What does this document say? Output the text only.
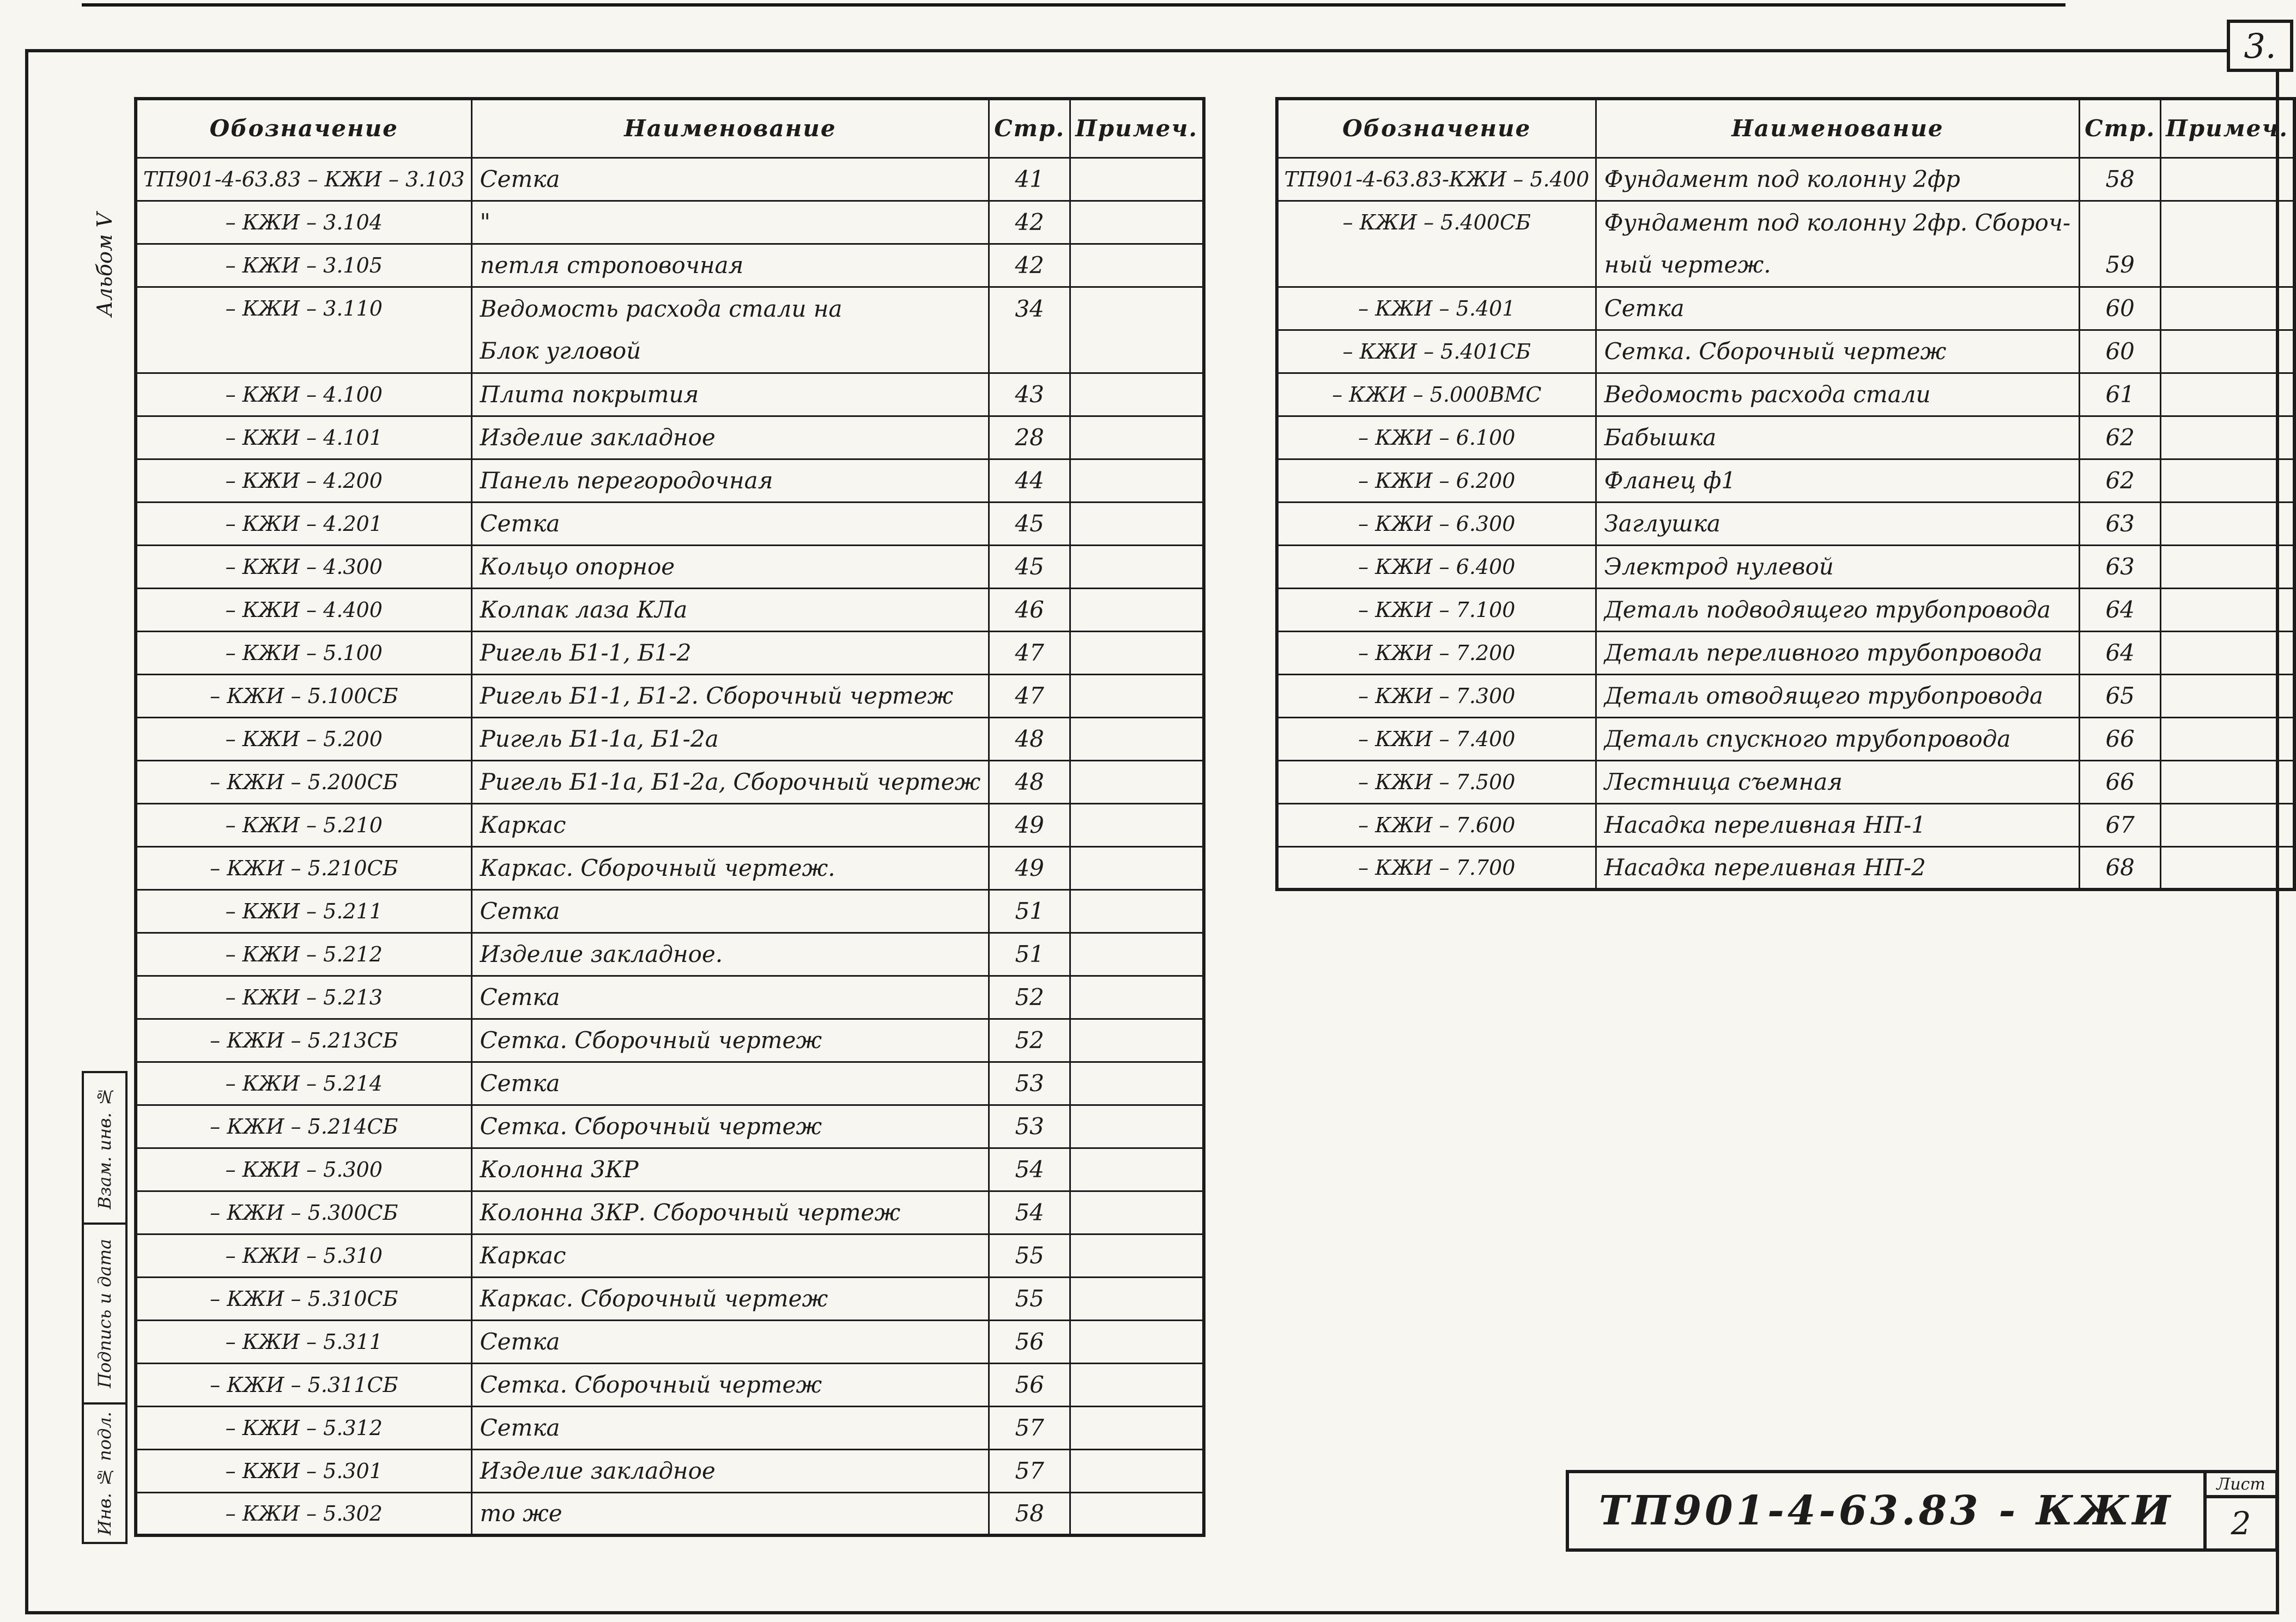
3.
Альбом V
Взам. инв. №
Подпись и дата
Инв. № подл.
Обозначение	Наименование	Стр.	Примеч.
ТП901-4-63.83 – КЖИ – 3.103	Сетка	41	
– КЖИ – 3.104	"	42	
– КЖИ – 3.105	петля строповочная	42	
– КЖИ – 3.110	Ведомость расхода стали на	34	
	Блок угловой		
– КЖИ – 4.100	Плита покрытия	43	
– КЖИ – 4.101	Изделие закладное	28	
– КЖИ – 4.200	Панель перегородочная	44	
– КЖИ – 4.201	Сетка	45	
– КЖИ – 4.300	Кольцо опорное	45	
– КЖИ – 4.400	Колпак лаза КЛа	46	
– КЖИ – 5.100	Ригель Б1-1, Б1-2	47	
– КЖИ – 5.100СБ	Ригель Б1-1, Б1-2. Сборочный чертеж	47	
– КЖИ – 5.200	Ригель Б1-1а, Б1-2а	48	
– КЖИ – 5.200СБ	Ригель Б1-1а, Б1-2а, Сборочный чертеж	48	
– КЖИ – 5.210	Каркас	49	
– КЖИ – 5.210СБ	Каркас. Сборочный чертеж.	49	
– КЖИ – 5.211	Сетка	51	
– КЖИ – 5.212	Изделие закладное.	51	
– КЖИ – 5.213	Сетка	52	
– КЖИ – 5.213СБ	Сетка. Сборочный чертеж	52	
– КЖИ – 5.214	Сетка	53	
– КЖИ – 5.214СБ	Сетка. Сборочный чертеж	53	
– КЖИ – 5.300	Колонна 3КР	54	
– КЖИ – 5.300СБ	Колонна 3КР. Сборочный чертеж	54	
– КЖИ – 5.310	Каркас	55	
– КЖИ – 5.310СБ	Каркас. Сборочный чертеж	55	
– КЖИ – 5.311	Сетка	56	
– КЖИ – 5.311СБ	Сетка. Сборочный чертеж	56	
– КЖИ – 5.312	Сетка	57	
– КЖИ – 5.301	Изделие закладное	57	
– КЖИ – 5.302	то же	58	
Обозначение	Наименование	Стр.	Примеч.
ТП901-4-63.83-КЖИ – 5.400	Фундамент под колонну 2фр	58	
– КЖИ – 5.400СБ	Фундамент под колонну 2фр. Сбороч-		
	ный чертеж.	59	
– КЖИ – 5.401	Сетка	60	
– КЖИ – 5.401СБ	Сетка. Сборочный чертеж	60	
– КЖИ – 5.000ВМС	Ведомость расхода стали	61	
– КЖИ – 6.100	Бабышка	62	
– КЖИ – 6.200	Фланец ф1	62	
– КЖИ – 6.300	Заглушка	63	
– КЖИ – 6.400	Электрод нулевой	63	
– КЖИ – 7.100	Деталь подводящего трубопровода	64	
– КЖИ – 7.200	Деталь переливного трубопровода	64	
– КЖИ – 7.300	Деталь отводящего трубопровода	65	
– КЖИ – 7.400	Деталь спускного трубопровода	66	
– КЖИ – 7.500	Лестница съемная	66	
– КЖИ – 7.600	Насадка переливная НП-1	67	
– КЖИ – 7.700	Насадка переливная НП-2	68	
ТП901-4-63.83 - КЖИ
Лист
2
